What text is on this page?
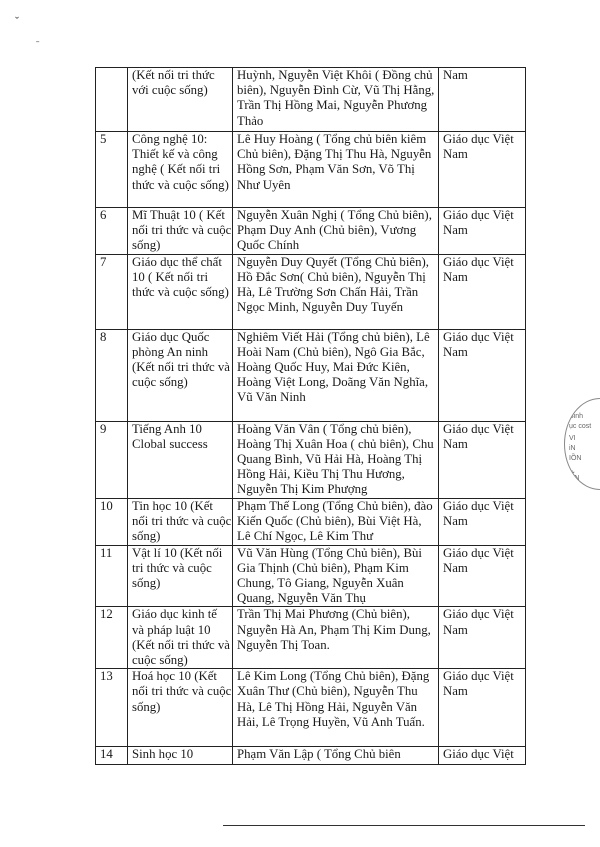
ˇ
˗
	(Kết nối tri thức với cuộc sống)	Huỳnh, Nguyễn Việt Khôi ( Đồng chủ biên), Nguyễn Đình Cừ, Vũ Thị Hằng, Trần Thị Hồng Mai, Nguyễn Phương Thảo	Nam
5	Công nghệ 10: Thiết kế và công nghệ ( Kết nối tri thức và cuộc sống)	Lê Huy Hoàng ( Tổng chủ biên kiêm Chủ biên), Đặng Thị Thu Hà, Nguyễn Hồng Sơn, Phạm Văn Sơn, Võ Thị Như Uyên	Giáo dục Việt Nam
6	Mĩ Thuật 10 ( Kết nối tri thức và cuộc sống)	Nguyễn Xuân Nghị ( Tổng Chủ biên), Phạm Duy Anh (Chủ biên), Vương Quốc Chính	Giáo dục Việt Nam
7	Giáo dục thể chất 10 ( Kết nối tri thức và cuộc sống)	Nguyễn Duy Quyết (Tổng Chủ biên), Hồ Đắc Sơn( Chủ biên), Nguyễn Thị Hà, Lê Trường Sơn Chấn Hải, Trần Ngọc Minh, Nguyễn Duy Tuyến	Giáo dục Việt Nam
8	Giáo dục Quốc phòng An ninh (Kết nối tri thức và cuộc sống)	Nghiêm Viết Hải (Tổng chủ biên), Lê Hoài Nam (Chủ biên), Ngô Gia Bắc, Hoàng Quốc Huy, Mai Đức Kiên, Hoàng Việt Long, Doãng Văn Nghĩa, Vũ Văn Ninh	Giáo dục Việt Nam
9	Tiếng Anh 10 Clobal success	Hoàng Văn Vân ( Tổng chủ biên), Hoàng Thị Xuân Hoa ( chủ biên), Chu Quang Bình, Vũ Hải Hà, Hoàng Thị Hồng Hải, Kiều Thị Thu Hương, Nguyễn Thị Kim Phượng	Giáo dục Việt Nam
10	Tin học 10 (Kết nối tri thức và cuộc sống)	Phạm Thế Long (Tổng Chủ biên), đào Kiến Quốc (Chủ biên), Bùi Việt Hà, Lê Chí Ngọc, Lê Kim Thư	Giáo dục Việt Nam
11	Vật lí 10 (Kết nối tri thức và cuộc sống)	Vũ Văn Hùng (Tổng Chủ biên), Bùi Gia Thịnh (Chủ biên), Phạm Kim Chung, Tô Giang, Nguyễn Xuân Quang, Nguyễn Văn Thụ	Giáo dục Việt Nam
12	Giáo dục kinh tế và pháp luật 10 (Kết nối tri thức và cuộc sống)	Trần Thị Mai Phương (Chủ biên), Nguyễn Hà An, Phạm Thị Kim Dung, Nguyễn Thị Toan.	Giáo dục Việt Nam
13	Hoá học 10 (Kết nối tri thức và cuộc sống)	Lê Kim Long (Tổng Chủ biên), Đặng Xuân Thư (Chủ biên), Nguyễn Thu Hà, Lê Thị Hồng Hải, Nguyễn Văn Hải, Lê Trọng Huyền, Vũ Anh Tuấn.	Giáo dục Việt Nam
14	Sinh học 10	Phạm Văn Lập ( Tổng Chủ biên	Giáo dục Việt
TL
Sinh
ục cost
VI
iN
IỒN
★
ON
